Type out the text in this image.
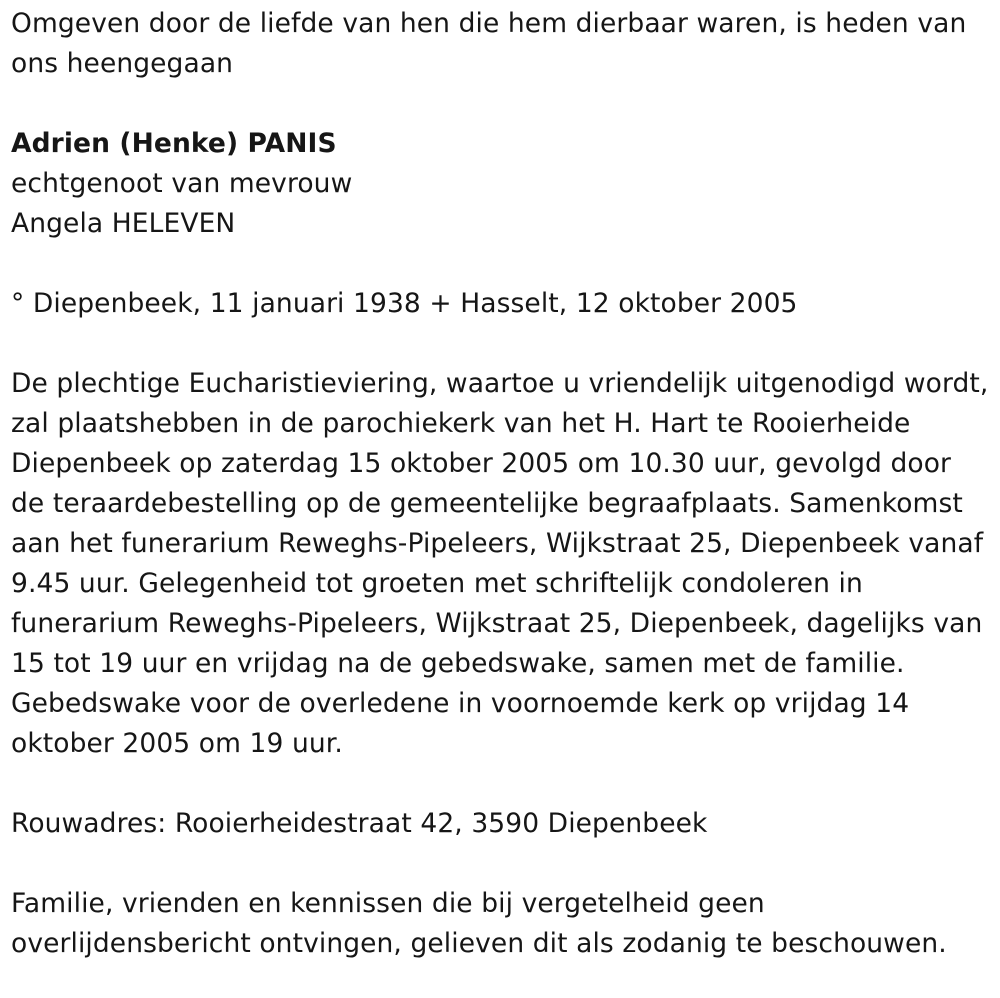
Omgeven door de liefde van hen die hem dierbaar waren, is heden van ons heengegaan

Adrien (Henke) PANIS

echtgenoot van mevrouw

Angela HELEVEN

° Diepenbeek, 11 januari 1938 + Hasselt, 12 oktober 2005

De plechtige Eucharistieviering, waartoe u vriendelijk uitgenodigd wordt, zal plaatshebben in de parochiekerk van het H. Hart te Rooierheide Diepenbeek op zaterdag 15 oktober 2005 om 10.30 uur, gevolgd door de teraardebestelling op de gemeentelijke begraafplaats. Samenkomst aan het funerarium Reweghs-Pipeleers, Wijkstraat 25, Diepenbeek vanaf 9.45 uur. Gelegenheid tot groeten met schriftelijk condoleren in funerarium Reweghs-Pipeleers, Wijkstraat 25, Diepenbeek, dagelijks van 15 tot 19 uur en vrijdag na de gebedswake, samen met de familie. Gebedswake voor de overledene in voornoemde kerk op vrijdag 14 oktober 2005 om 19 uur.

Rouwadres: Rooierheidestraat 42, 3590 Diepenbeek

Familie, vrienden en kennissen die bij vergetelheid geen overlijdensbericht ontvingen, gelieven dit als zodanig te beschouwen.
